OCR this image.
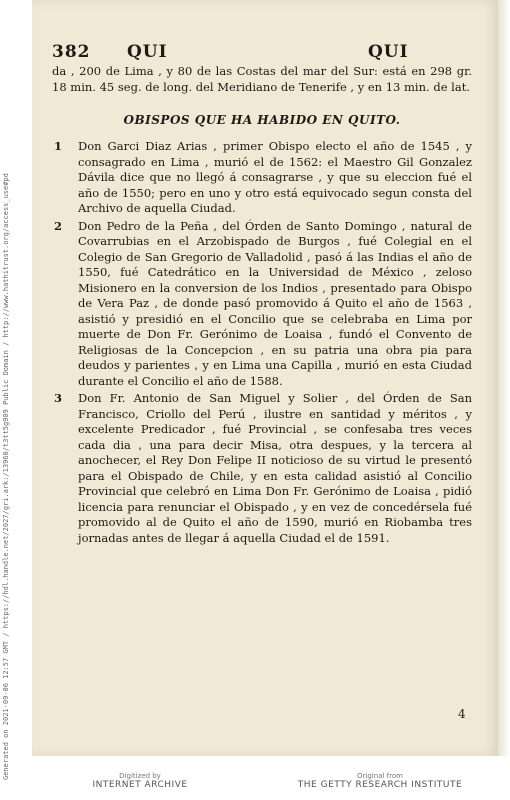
Generated on 2021-09-06 12:57 GMT / https://hdl.handle.net/2027/gri.ark:/13960/t3tt5g909 Public Domain / http://www.hathitrust.org/access_use#pd
382 QUI	QUI
da , 200 de Lima , y 80 de las Costas del mar del Sur: está en 298 gr. 18 min. 45 seg. de long. del Meridiano de Tenerife , y en 13 min. de lat.
OBISPOS QUE HA HABIDO EN QUITO.
1 Don Garci Diaz Arias , primer Obispo electo el año de 1545 , y consagrado en Lima , murió el de 1562: el Maestro Gil Gonzalez Dávila dice que no llegó á consagrarse , y que su eleccion fué el año de 1550; pero en uno y otro está equivocado segun consta del Archivo de aquella Ciudad.
2 Don Pedro de la Peña , del Órden de Santo Domingo , natural de Covarrubias en el Arzobispado de Burgos , fué Colegial en el Colegio de San Gregorio de Valladolid , pasó á las Indias el año de 1550, fué Catedrático en la Universidad de México , zeloso Misionero en la conversion de los Indios , presentado para Obispo de Vera Paz , de donde pasó promovido á Quito el año de 1563 , asistió y presidió en el Concilio que se celebraba en Lima por muerte de Don Fr. Gerónimo de Loaisa , fundó el Convento de Religiosas de la Concepcion , en su patria una obra pia para deudos y parientes , y en Lima una Capilla , murió en esta Ciudad durante el Concilio el año de 1588.
3 Don Fr. Antonio de San Miguel y Solier , del Órden de San Francisco, Criollo del Perú , ilustre en santidad y méritos , y excelente Predicador , fué Provincial , se confesaba tres veces cada dia , una para decir Misa, otra despues, y la tercera al anochecer, el Rey Don Felipe II noticioso de su virtud le presentó para el Obispado de Chile, y en esta calidad asistió al Concilio Provincial que celebró en Lima Don Fr. Gerónimo de Loaisa , pidió licencia para renunciar el Obispado , y en vez de concedérsela fué promovido al de Quito el año de 1590, murió en Riobamba tres jornadas antes de llegar á aquella Ciudad el de 1591.
4
Digitized by
INTERNET ARCHIVE
Original from
THE GETTY RESEARCH INSTITUTE
